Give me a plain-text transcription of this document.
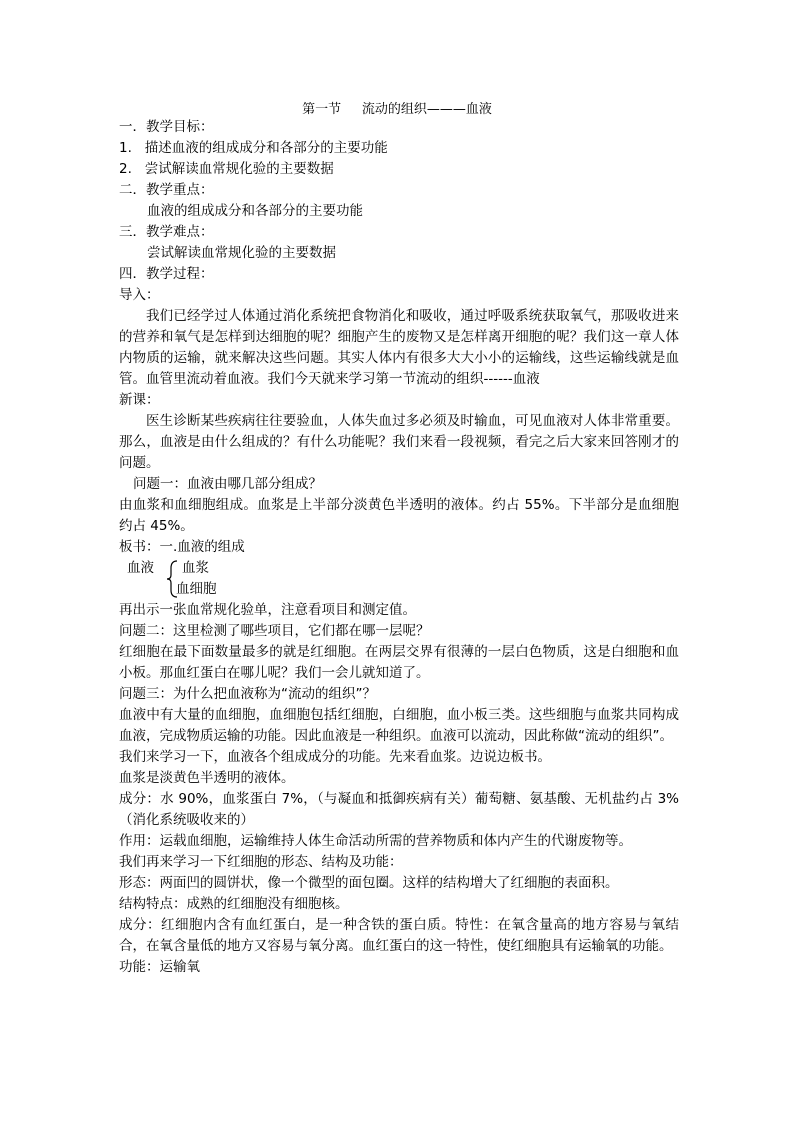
第一节     流动的组织———血液
一．教学目标：
1.   描述血液的组成成分和各部分的主要功能
2.   尝试解读血常规化验的主要数据
二．教学重点：
血液的组成成分和各部分的主要功能
三．教学难点：
尝试解读血常规化验的主要数据
四．教学过程：
导入：
我们已经学过人体通过消化系统把食物消化和吸收，通过呼吸系统获取氧气，那吸收进来的营养和氧气是怎样到达细胞的呢？细胞产生的废物又是怎样离开细胞的呢？我们这一章人体内物质的运输，就来解决这些问题。其实人体内有很多大大小小的运输线，这些运输线就是血管。血管里流动着血液。我们今天就来学习第一节流动的组织------血液
新课：
医生诊断某些疾病往往要验血，人体失血过多必须及时输血，可见血液对人体非常重要。那么，血液是由什么组成的？有什么功能呢？我们来看一段视频，看完之后大家来回答刚才的问题。
问题一：血液由哪几部分组成？
由血浆和血细胞组成。血浆是上半部分淡黄色半透明的液体。约占 55%。下半部分是血细胞约占 45%。
板书：一.血液的组成
血液 血浆
血细胞
再出示一张血常规化验单，注意看项目和测定值。
问题二：这里检测了哪些项目，它们都在哪一层呢？
红细胞在最下面数量最多的就是红细胞。在两层交界有很薄的一层白色物质，这是白细胞和血小板。那血红蛋白在哪儿呢？我们一会儿就知道了。
问题三：为什么把血液称为“流动的组织”？
血液中有大量的血细胞，血细胞包括红细胞，白细胞，血小板三类。这些细胞与血浆共同构成血液，完成物质运输的功能。因此血液是一种组织。血液可以流动，因此称做“流动的组织”。
我们来学习一下，血液各个组成成分的功能。先来看血浆。边说边板书。
血浆是淡黄色半透明的液体。
成分：水 90%，血浆蛋白 7%，（与凝血和抵御疾病有关）葡萄糖、氨基酸、无机盐约占 3%（消化系统吸收来的）
作用：运载血细胞，运输维持人体生命活动所需的营养物质和体内产生的代谢废物等。
我们再来学习一下红细胞的形态、结构及功能：
形态：两面凹的圆饼状，像一个微型的面包圈。这样的结构增大了红细胞的表面积。
结构特点：成熟的红细胞没有细胞核。
成分：红细胞内含有血红蛋白，是一种含铁的蛋白质。特性：在氧含量高的地方容易与氧结合，在氧含量低的地方又容易与氧分离。血红蛋白的这一特性，使红细胞具有运输氧的功能。
功能：运输氧
